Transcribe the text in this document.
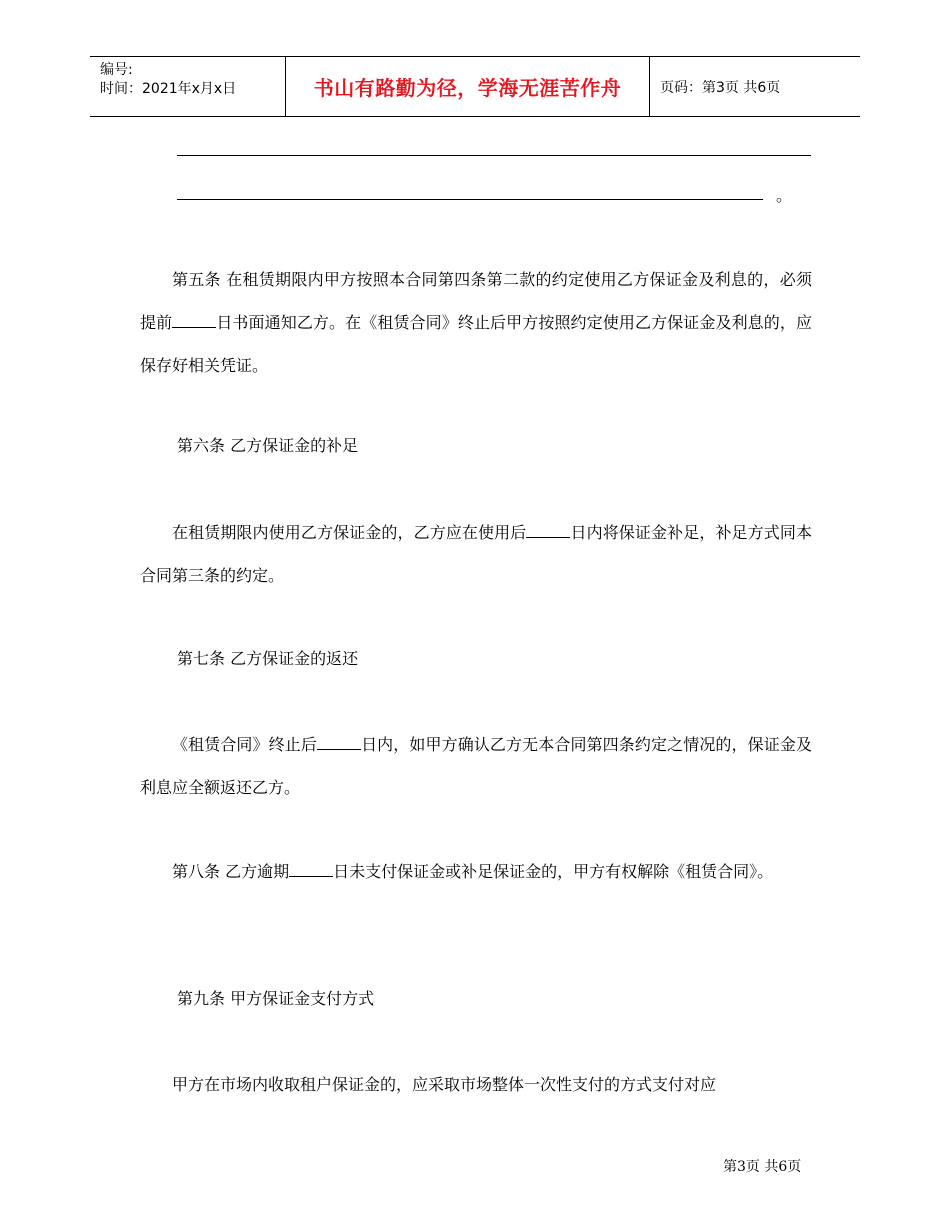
编号:
时间：2021年x月x日	书山有路勤为径，学海无涯苦作舟	页码：第3页 共6页
。
第五条 在租赁期限内甲方按照本合同第四条第二款的约定使用乙方保证金及利息的，必须提前	日书面通知乙方。在《租赁合同》终止后甲方按照约定使用乙方保证金及利息的，应保存好相关凭证。
第六条 乙方保证金的补足
在租赁期限内使用乙方保证金的，乙方应在使用后	日内将保证金补足，补足方式同本合同第三条的约定。
第七条 乙方保证金的返还
《租赁合同》终止后	日内，如甲方确认乙方无本合同第四条约定之情况的，保证金及利息应全额返还乙方。
第八条 乙方逾期	日未支付保证金或补足保证金的，甲方有权解除《租赁合同》。
第九条 甲方保证金支付方式
甲方在市场内收取租户保证金的，应采取市场整体一次性支付的方式支付对应
第3页 共6页
